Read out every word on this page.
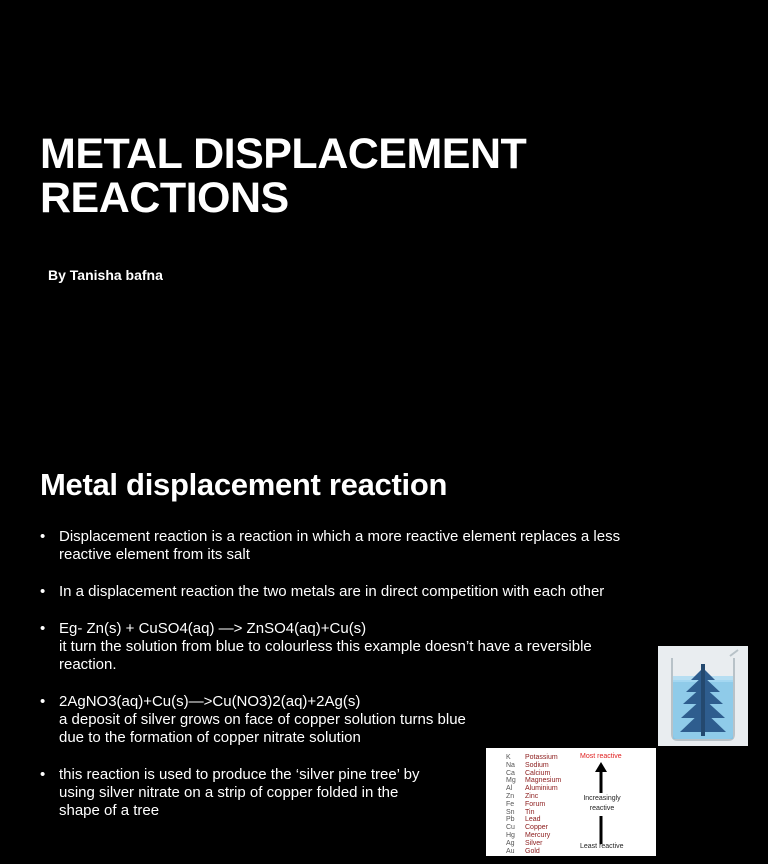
METAL DISPLACEMENT
REACTIONS
By Tanisha bafna
Metal displacement reaction
• Displacement reaction is a reaction in which a more reactive element replaces a less
reactive element from its salt
• In a displacement reaction the two metals are in direct competition with each other
• Eg- Zn(s) + CuSO4(aq) —> ZnSO4(aq)+Cu(s)
it turn the solution from blue to colourless this example doesn’t have a reversible
reaction.
• 2AgNO3(aq)+Cu(s)—>Cu(NO3)2(aq)+2Ag(s)
a deposit of silver grows on face of copper solution turns blue
due to the formation of copper nitrate solution
• this reaction is used to produce the ‘silver pine tree’ by
using silver nitrate on a strip of copper folded in the
shape of a tree
K
Na
Ca
Mg
Al
Zn
Fe
Sn
Pb
Cu
Hg
Ag
Au
Potassium
Sodium
Calcium
Magnesium
Aluminium
Zinc
Forum
Tin
Lead
Copper
Mercury
Silver
Gold
Most reactive
Increasingly
reactive
Least reactive
